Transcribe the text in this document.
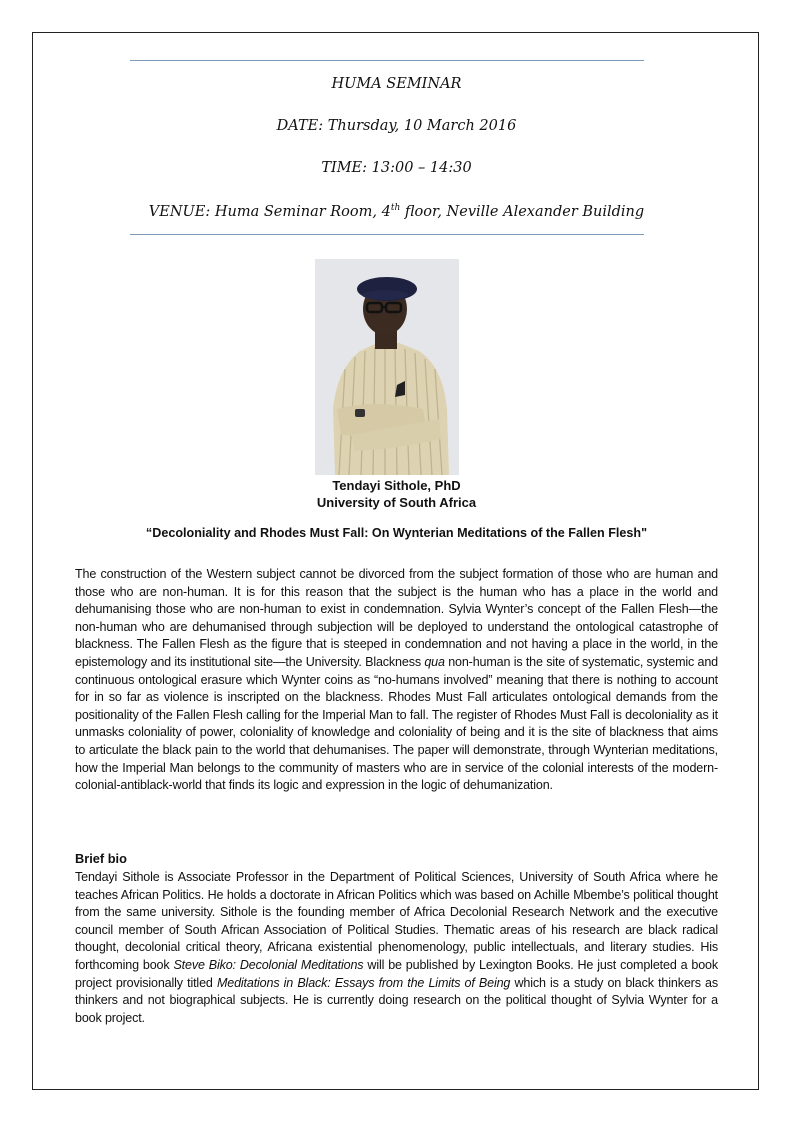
HUMA SEMINAR
DATE: Thursday, 10 March 2016
TIME: 13:00 – 14:30
VENUE: Huma Seminar Room, 4th floor, Neville Alexander Building
Tendayi Sithole, PhD
University of South Africa
“Decoloniality and Rhodes Must Fall: On Wynterian Meditations of the Fallen Flesh"
The construction of the Western subject cannot be divorced from the subject formation of those who are human and those who are non-human. It is for this reason that the subject is the human who has a place in the world and dehumanising those who are non-human to exist in condemnation. Sylvia Wynter’s concept of the Fallen Flesh—the non-human who are dehumanised through subjection will be deployed to understand the ontological catastrophe of blackness. The Fallen Flesh as the figure that is steeped in condemnation and not having a place in the world, in the epistemology and its institutional site—the University. Blackness qua non-human is the site of systematic, systemic and continuous ontological erasure which Wynter coins as “no-humans involved” meaning that there is nothing to account for in so far as violence is inscripted on the blackness. Rhodes Must Fall articulates ontological demands from the positionality of the Fallen Flesh calling for the Imperial Man to fall. The register of Rhodes Must Fall is decoloniality as it unmasks coloniality of power, coloniality of knowledge and coloniality of being and it is the site of blackness that aims to articulate the black pain to the world that dehumanises. The paper will demonstrate, through Wynterian meditations, how the Imperial Man belongs to the community of masters who are in service of the colonial interests of the modern-colonial-antiblack-world that finds its logic and expression in the logic of dehumanization.
Brief bio
Tendayi Sithole is Associate Professor in the Department of Political Sciences, University of South Africa where he teaches African Politics. He holds a doctorate in African Politics which was based on Achille Mbembe’s political thought from the same university. Sithole is the founding member of Africa Decolonial Research Network and the executive council member of South African Association of Political Studies. Thematic areas of his research are black radical thought, decolonial critical theory, Africana existential phenomenology, public intellectuals, and literary studies. His forthcoming book Steve Biko: Decolonial Meditations will be published by Lexington Books. He just completed a book project provisionally titled Meditations in Black: Essays from the Limits of Being which is a study on black thinkers as thinkers and not biographical subjects. He is currently doing research on the political thought of Sylvia Wynter for a book project.
